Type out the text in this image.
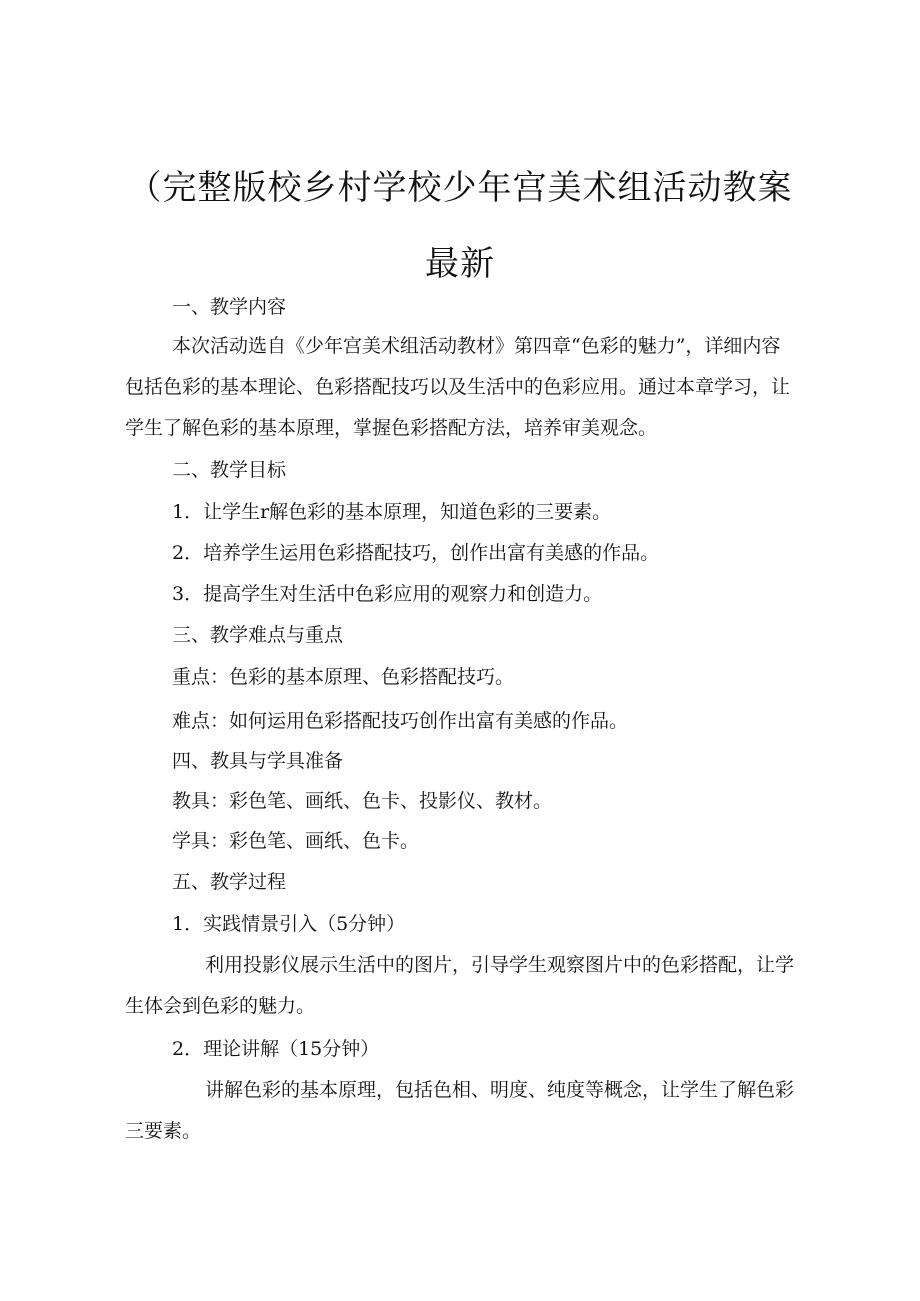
（完整版校乡村学校少年宫美术组活动教案最新
一、教学内容
本次活动选自《少年宫美术组活动教材》第四章“色彩的魅力”，详细内容包括色彩的基本理论、色彩搭配技巧以及生活中的色彩应用。通过本章学习，让学生了解色彩的基本原理，掌握色彩搭配方法，培养审美观念。
二、教学目标
1．让学生r解色彩的基本原理，知道色彩的三要素。
2．培养学生运用色彩搭配技巧，创作出富有美感的作品。
3．提高学生对生活中色彩应用的观察力和创造力。
三、教学难点与重点
重点：色彩的基本原理、色彩搭配技巧。
难点：如何运用色彩搭配技巧创作出富有美感的作品。
四、教具与学具准备
教具：彩色笔、画纸、色卡、投影仪、教材。
学具：彩色笔、画纸、色卡。
五、教学过程
1．实践情景引入（5分钟）
利用投影仪展示生活中的图片，引导学生观察图片中的色彩搭配，让学生体会到色彩的魅力。
2．理论讲解（15分钟）
讲解色彩的基本原理，包括色相、明度、纯度等概念，让学生了解色彩三要素。
